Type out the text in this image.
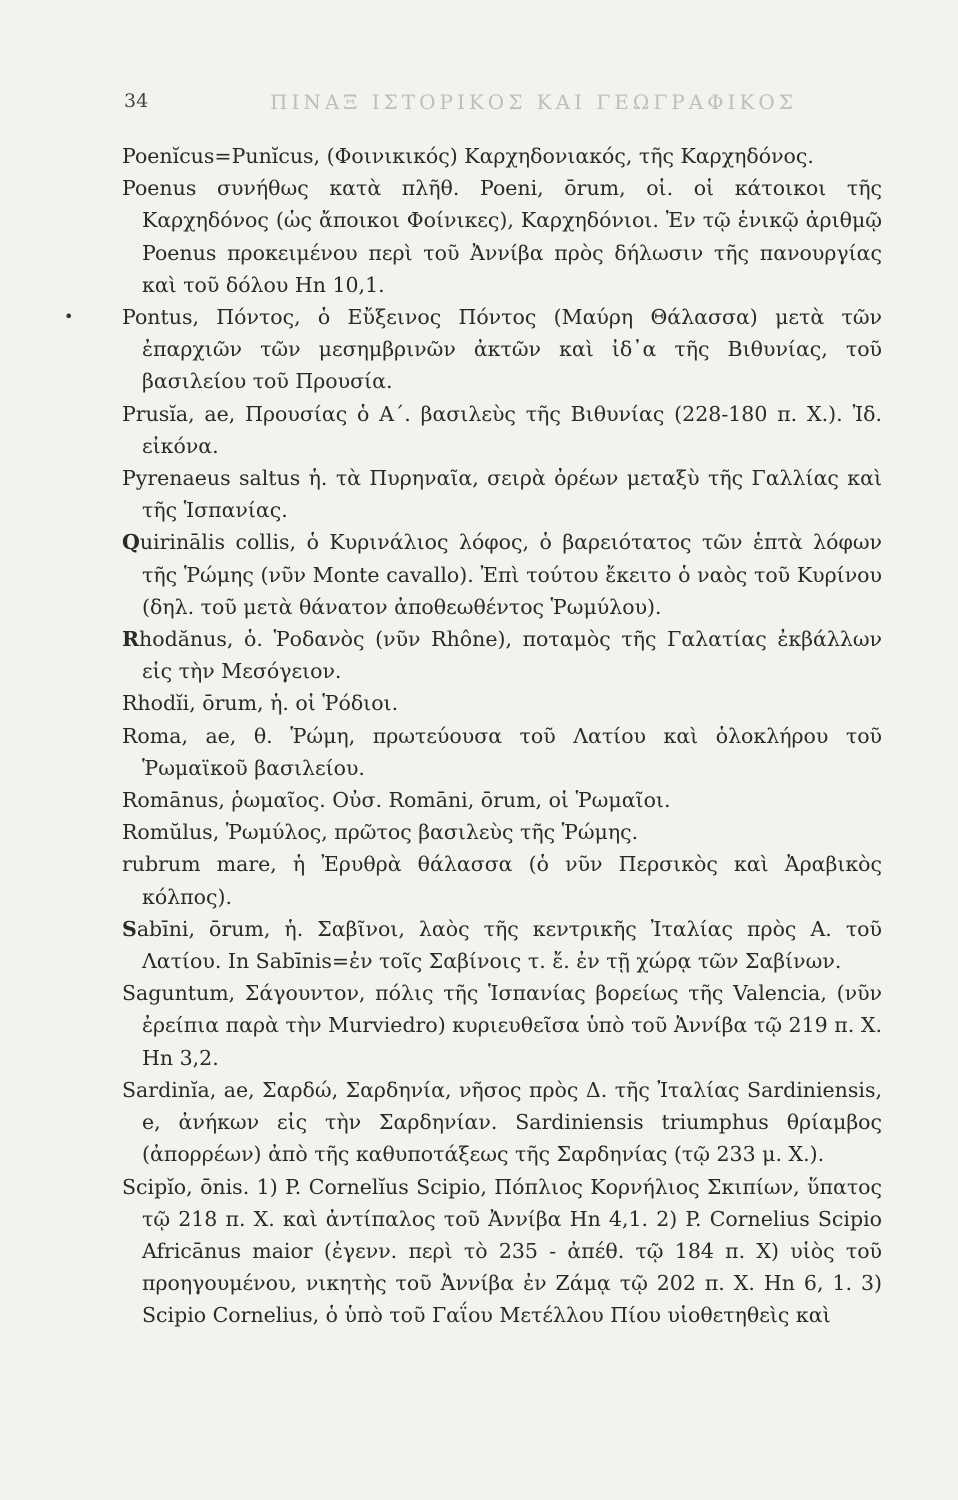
34	ΠΙΝΑΞ ΙΣΤΟΡΙΚΟΣ ΚΑΙ ΓΕΩΓΡΑΦΙΚΟΣ

Poenĭcus=Punĭcus, (Φοινικικός) Καρχηδονιακός, τῆς Καρχηδόνος.

Poenus συνήθως κατὰ πλῆθ. Poeni, ōrum, οἱ. οἱ κάτοικοι τῆς Καρχηδόνος (ὡς ἄποικοι Φοίνικες), Καρχηδόνιοι. Ἐν τῷ ἑνικῷ ἀριθμῷ Poenus προκειμένου περὶ τοῦ Ἀννίβα πρὸς δήλωσιν τῆς πανουργίας καὶ τοῦ δόλου Hn 10,1.

•	Pontus, Πόντος, ὁ Εὔξεινος Πόντος (Μαύρη Θάλασσα) μετὰ τῶν ἐπαρχιῶν τῶν μεσημβρινῶν ἀκτῶν καὶ ἰδ᾽α τῆς Βιθυνίας, τοῦ βασιλείου τοῦ Προυσία.

Prusĭa, ae, Προυσίας ὁ Α΄. βασιλεὺς τῆς Βιθυνίας (228-180 π. Χ.). Ἰδ. εἰκόνα.

Pyrenaeus saltus ἡ. τὰ Πυρηναῖα, σειρὰ ὀρέων μεταξὺ τῆς Γαλλίας καὶ τῆς Ἱσπανίας.

Quirinālis collis, ὁ Κυρινάλιος λόφος, ὁ βαρειότατος τῶν ἑπτὰ λόφων τῆς Ῥώμης (νῦν Monte cavallo). Ἐπὶ τούτου ἔκειτο ὁ ναὸς τοῦ Κυρίνου (δηλ. τοῦ μετὰ θάνατον ἀποθεωθέντος Ῥωμύλου).

Rhodănus, ὁ. Ῥοδανὸς (νῦν Rhône), ποταμὸς τῆς Γαλατίας ἐκβάλλων εἰς τὴν Μεσόγειον.

Rhodĭi, ōrum, ἡ. οἱ Ῥόδιοι.

Roma, ae, θ. Ῥώμη, πρωτεύουσα τοῦ Λατίου καὶ ὁλοκλήρου τοῦ Ῥωμαϊκοῦ βασιλείου.

Romānus, ῥωμαῖος. Οὐσ. Romāni, ōrum, οἱ Ῥωμαῖοι.

Romŭlus, Ῥωμύλος, πρῶτος βασιλεὺς τῆς Ῥώμης.

rubrum mare, ἡ Ἐρυθρὰ θάλασσα (ὁ νῦν Περσικὸς καὶ Ἀραβικὸς κόλπος).

Sabīni, ōrum, ἡ. Σαβῖνοι, λαὸς τῆς κεντρικῆς Ἰταλίας πρὸς Α. τοῦ Λατίου. In Sabīnis=ἐν τοῖς Σαβίνοις τ. ἔ. ἐν τῇ χώρᾳ τῶν Σαβίνων.

Saguntum, Σάγουντον, πόλις τῆς Ἱσπανίας βορείως τῆς Valencia, (νῦν ἐρείπια παρὰ τὴν Murviedro) κυριευθεῖσα ὑπὸ τοῦ Ἀννίβα τῷ 219 π. Χ. Hn 3,2.

Sardinĭa, ae, Σαρδώ, Σαρδηνία, νῆσος πρὸς Δ. τῆς Ἰταλίας Sardiniensis, e, ἀνήκων εἰς τὴν Σαρδηνίαν. Sardiniensis triumphus θρίαμβος (ἀπορρέων) ἀπὸ τῆς καθυποτάξεως τῆς Σαρδηνίας (τῷ 233 μ. Χ.).

Scipĭo, ōnis. 1) P. Cornelĭus Scipio, Πόπλιος Κορνήλιος Σκιπίων, ὕπατος τῷ 218 π. Χ. καὶ ἀντίπαλος τοῦ Ἀννίβα Hn 4,1. 2) P. Cornelius Scipio Africānus maior (ἐγενν. περὶ τὸ 235 - ἀπέθ. τῷ 184 π. Χ) υἱὸς τοῦ προηγουμένου, νικητὴς τοῦ Ἀννίβα ἐν Ζάμᾳ τῷ 202 π. Χ. Hn 6, 1. 3) Scipio Cornelius, ὁ ὑπὸ τοῦ Γαΐου Μετέλλου Πίου υἱοθετηθεὶς καὶ
